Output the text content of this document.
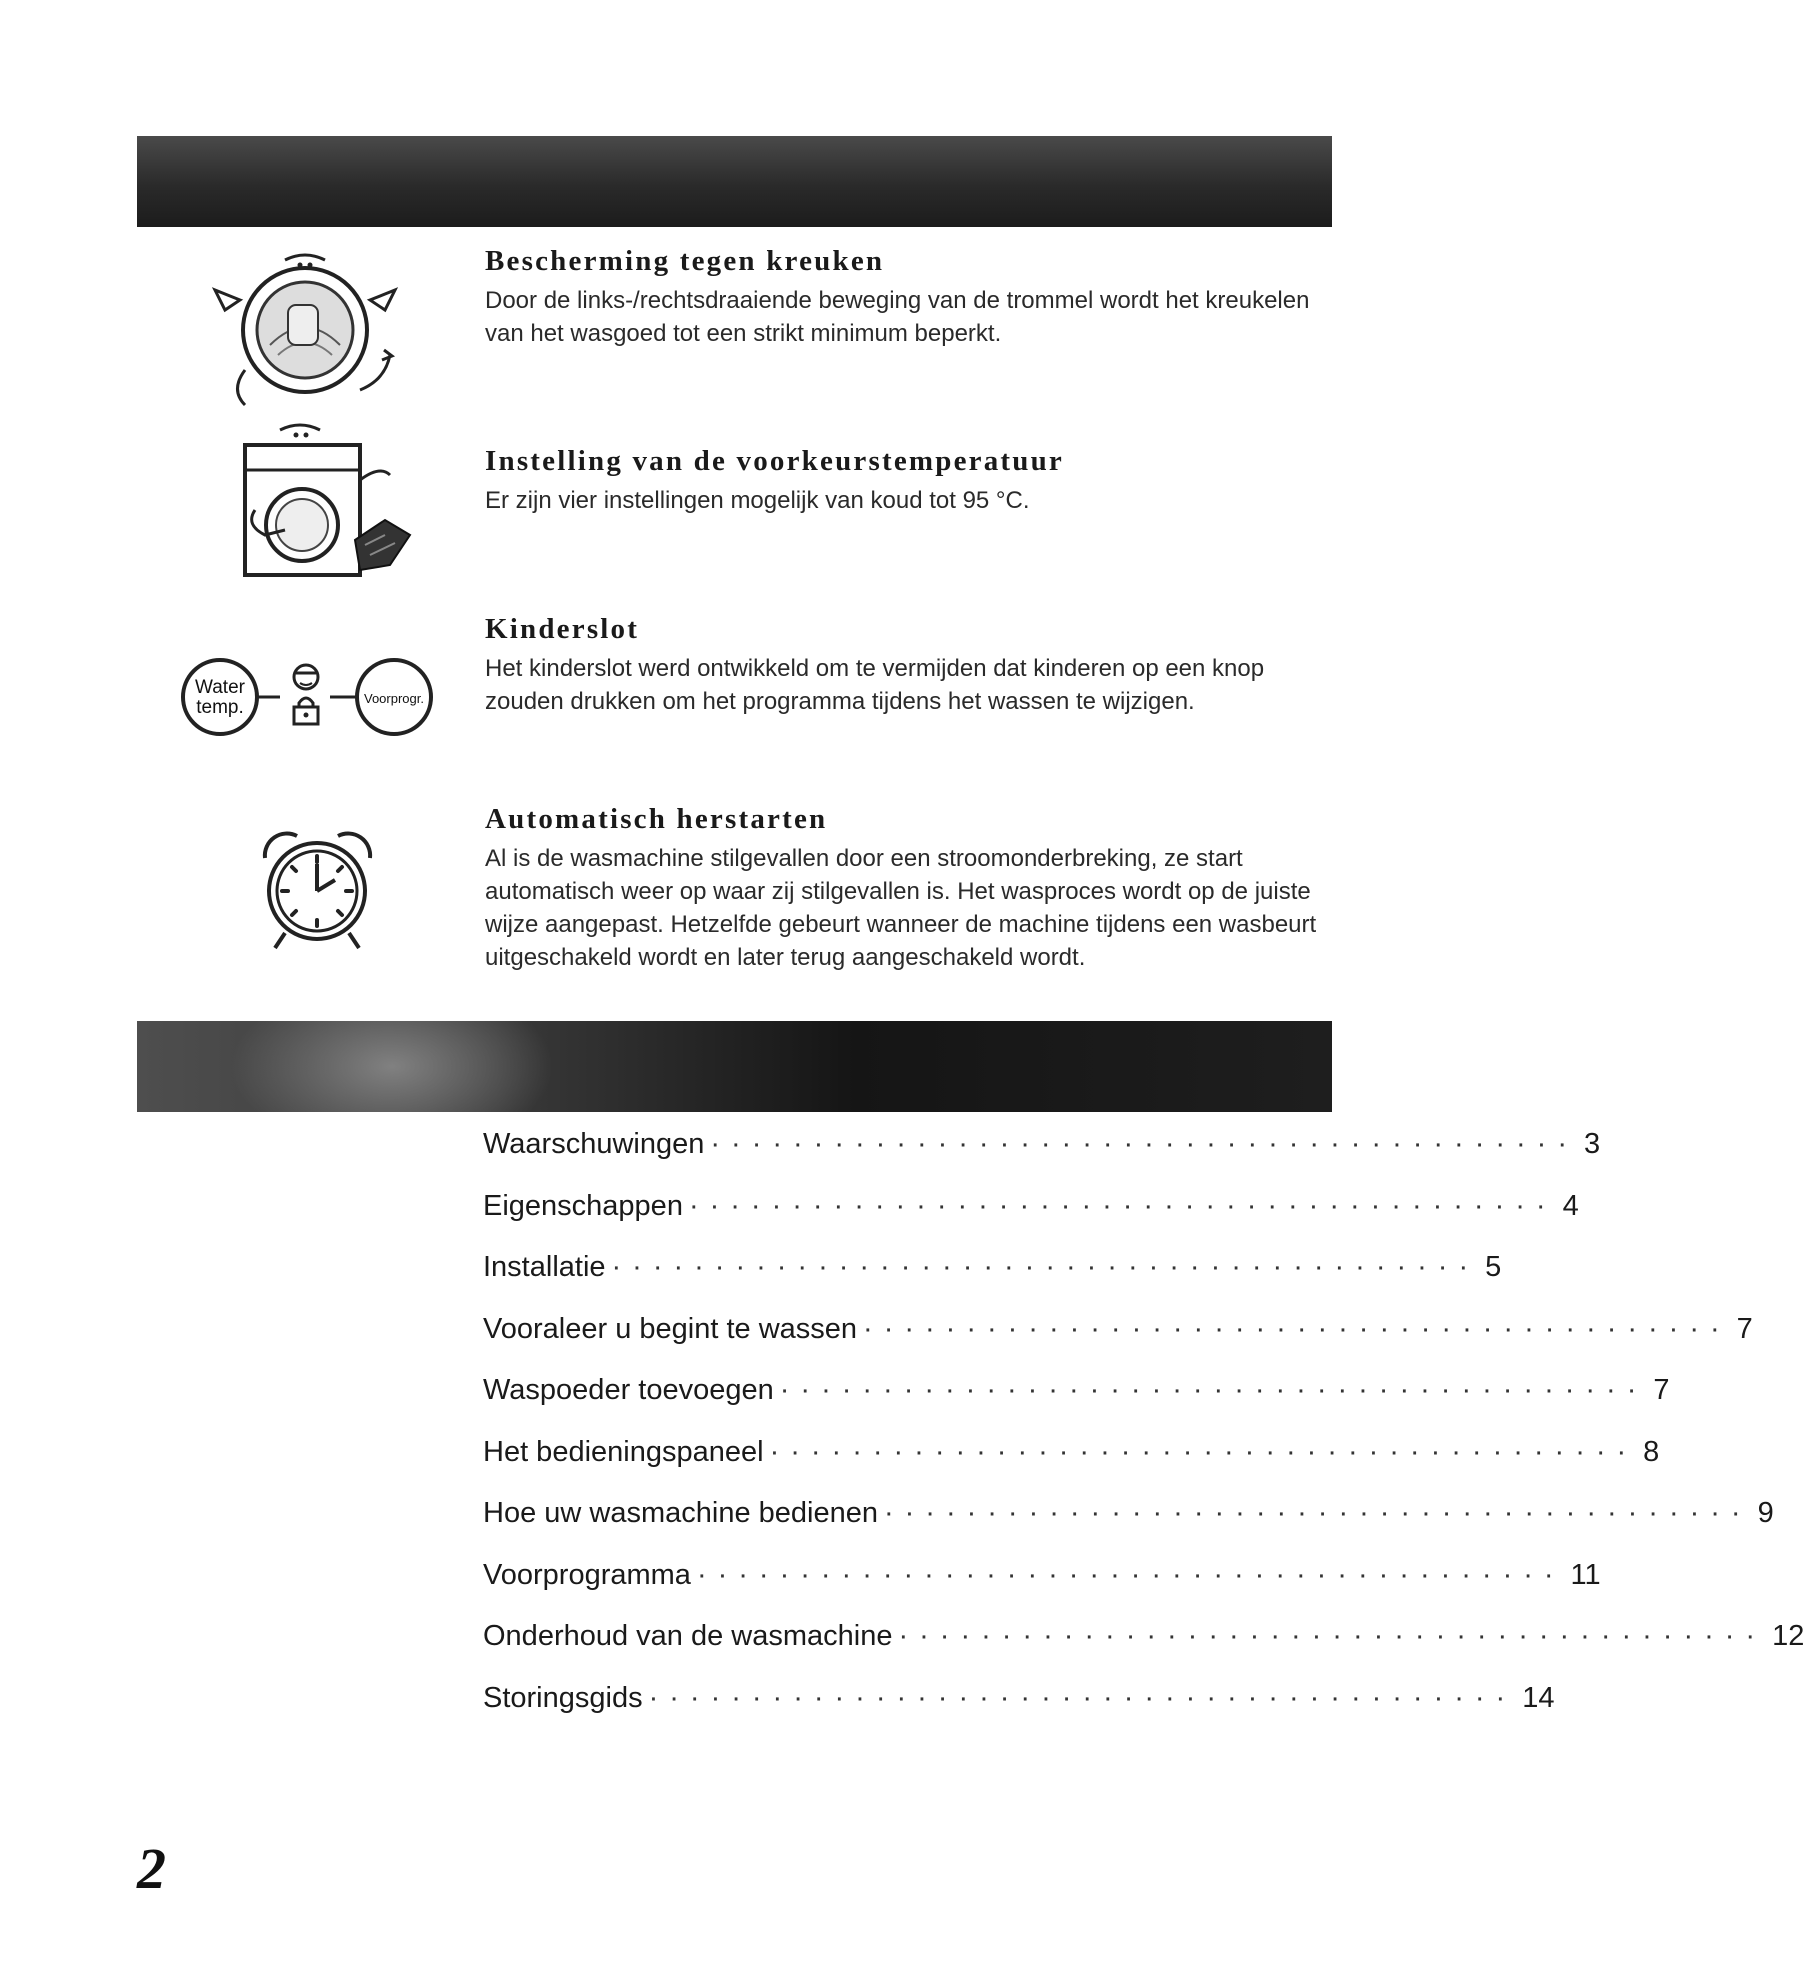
Bescherming tegen kreuken

Door de links-/rechtsdraaiende beweging van de trommel wordt het kreukelen van het wasgoed tot een strikt minimum beperkt.

Instelling van de voorkeurstemperatuur

Er zijn vier instellingen mogelijk van koud tot 95 °C.

Water
temp.	Voorprogr.
Kinderslot

Het kinderslot werd ontwikkeld om te vermijden dat kinderen op een knop zouden drukken om het programma tijdens het wassen te wijzigen.

Automatisch herstarten

Al is de wasmachine stilgevallen door een stroomonderbreking, ze start automatisch weer op waar zij stilgevallen is. Het wasproces wordt op de juiste wijze aangepast. Hetzelfde gebeurt wanneer de machine tijdens een wasbeurt uitgeschakeld wordt en later terug aangeschakeld wordt.

Waarschuwingen ·········································· 3
Eigenschappen ·········································· 4
Installatie ·········································· 5
Vooraleer u begint te wassen ·········································· 7
Waspoeder toevoegen ·········································· 7
Het bedieningspaneel ·········································· 8
Hoe uw wasmachine bedienen ·········································· 9
Voorprogramma ·········································· 11
Onderhoud van de wasmachine ·········································· 12
Storingsgids ·········································· 14
2
